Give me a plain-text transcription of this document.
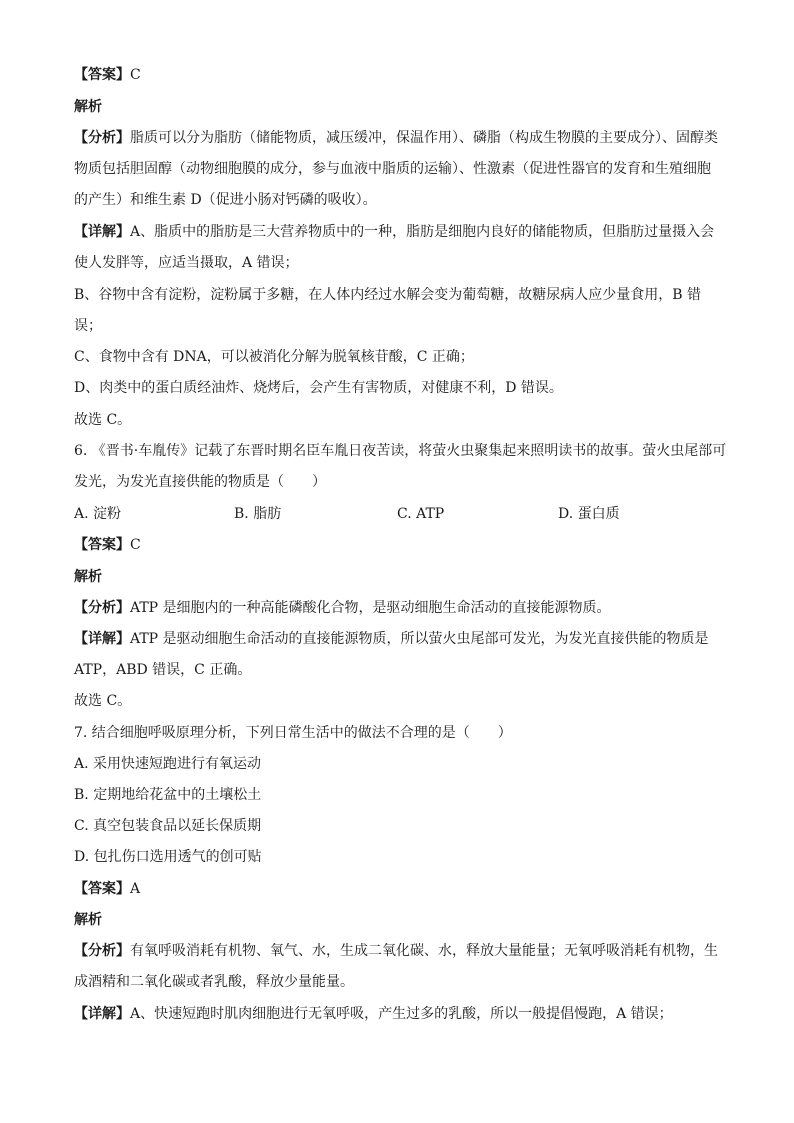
【答案】C
解析
【分析】脂质可以分为脂肪（储能物质，减压缓冲，保温作用）、磷脂（构成生物膜的主要成分）、固醇类
物质包括胆固醇（动物细胞膜的成分，参与血液中脂质的运输）、性激素（促进性器官的发育和生殖细胞
的产生）和维生素 D（促进小肠对钙磷的吸收）。
【详解】A、脂质中的脂肪是三大营养物质中的一种，脂肪是细胞内良好的储能物质，但脂肪过量摄入会
使人发胖等，应适当摄取，A 错误；
B、谷物中含有淀粉，淀粉属于多糖，在人体内经过水解会变为葡萄糖，故糖尿病人应少量食用，B 错
误；
C、食物中含有 DNA，可以被消化分解为脱氧核苷酸，C 正确；
D、肉类中的蛋白质经油炸、烧烤后，会产生有害物质，对健康不利，D 错误。
故选 C。
6. 《晋书·车胤传》记载了东晋时期名臣车胤日夜苦读，将萤火虫聚集起来照明读书的故事。萤火虫尾部可
发光，为发光直接供能的物质是（　　）
A. 淀粉	B. 脂肪	C. ATP	D. 蛋白质
【答案】C
解析
【分析】ATP 是细胞内的一种高能磷酸化合物，是驱动细胞生命活动的直接能源物质。
【详解】ATP 是驱动细胞生命活动的直接能源物质，所以萤火虫尾部可发光，为发光直接供能的物质是
ATP，ABD 错误，C 正确。
故选 C。
7. 结合细胞呼吸原理分析，下列日常生活中的做法不合理的是（　　）
A. 采用快速短跑进行有氧运动
B. 定期地给花盆中的土壤松土
C. 真空包装食品以延长保质期
D. 包扎伤口选用透气的创可贴
【答案】A
解析
【分析】有氧呼吸消耗有机物、氧气、水，生成二氧化碳、水，释放大量能量；无氧呼吸消耗有机物，生
成酒精和二氧化碳或者乳酸，释放少量能量。
【详解】A、快速短跑时肌肉细胞进行无氧呼吸，产生过多的乳酸，所以一般提倡慢跑，A 错误；
